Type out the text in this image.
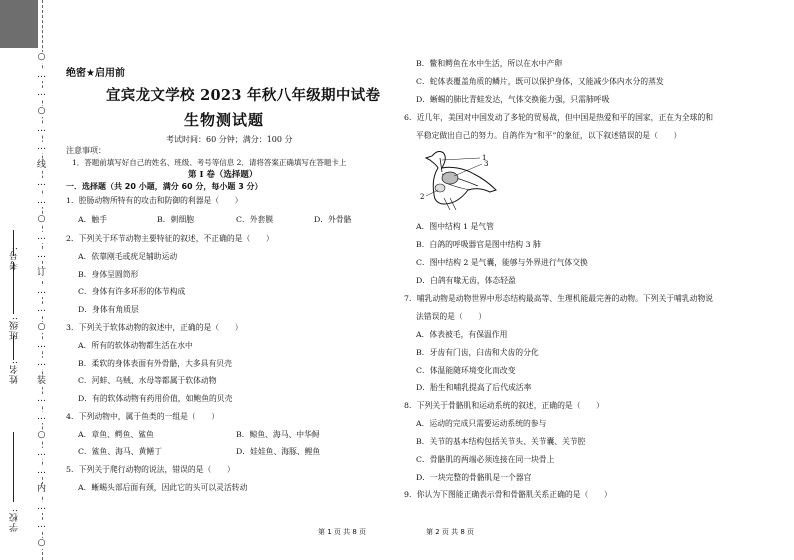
○
…
…
○
…
…
线
…
…
○
…
…
订
…
…
○
…
…
装
…
…
○
…
…
内
…
…
○
学校:
姓名:
班级:
考号:
绝密★启用前
宜宾龙文学校 2023 年秋八年级期中试卷
生物测试题
考试时间：60 分钟；满分：100 分
注意事项：
1．答题前填写好自己的姓名、班级、考号等信息 2．请将答案正确填写在答题卡上
第 I 卷（选择题）
一．选择题（共 20 小题，满分 60 分，每小题 3 分）
1．腔肠动物所特有的攻击和防御的利器是（　　）
A．触手	B．刺细胞	C．外套膜	D．外骨骼
2．下列关于环节动物主要特征的叙述，不正确的是（　　）
A．依靠刚毛或疣足辅助运动
B．身体呈圆筒形
C．身体有许多环形的体节构成
D．身体有角质层
3．下列关于软体动物的叙述中，正确的是（　　）
A．所有的软体动物都生活在水中
B．柔软的身体表面有外骨骼，大多具有贝壳
C．河蚌、乌贼、水母等都属于软体动物
D．有的软体动物有药用价值，如鲍鱼的贝壳
4．下列动物中，属于鱼类的一组是（　　）
A．章鱼、鳄鱼、鲨鱼	B．鲸鱼、海马、中华鲟
C．鲨鱼、海马、黄鳝丁	D．娃娃鱼、海豚、鲤鱼
5．下列关于爬行动物的说法，错误的是（　　）
A．蜥蜴头部后面有颈，因此它的头可以灵活转动
B．鳖和鳄鱼在水中生活，所以在水中产卵
C．蛇体表覆盖角质的鳞片，既可以保护身体，又能减少体内水分的蒸发
D．蜥蜴的肺比青蛙发达，气体交换能力强，只需肺呼吸
6．近几年，美国对中国发动了多轮的贸易战，但中国是热爱和平的国家，正在为全球的和
平稳定做出自己的努力。自鸽作为“和平”的象征，以下叙述错误的是（　　）
1
3
2
A．图中结构 1 是气管
B．白鸽的呼吸器官是图中结构 3 肺
C．图中结构 2 是气囊，能够与外界进行气体交换
D．白鸽有喙无齿，体态轻盈
7．哺乳动物是动物世界中形态结构最高等、生理机能最完善的动物。下列关于哺乳动物说
法错误的是（　　）
A．体表被毛，有保温作用
B．牙齿有门齿，臼齿和犬齿的分化
C．体温能随环境变化而改变
D．胎生和哺乳提高了后代成活率
8．下列关于骨骼肌和运动系统的叙述，正确的是（　　）
A．运动的完成只需要运动系统的参与
B．关节的基本结构包括关节头、关节囊、关节腔
C．骨骼肌的两端必须连接在同一块骨上
D．一块完整的骨骼肌是一个器官
9．你认为下图能正确表示骨和骨骼肌关系正确的是（　　）
第 1 页 共 8 页	第 2 页 共 8 页
